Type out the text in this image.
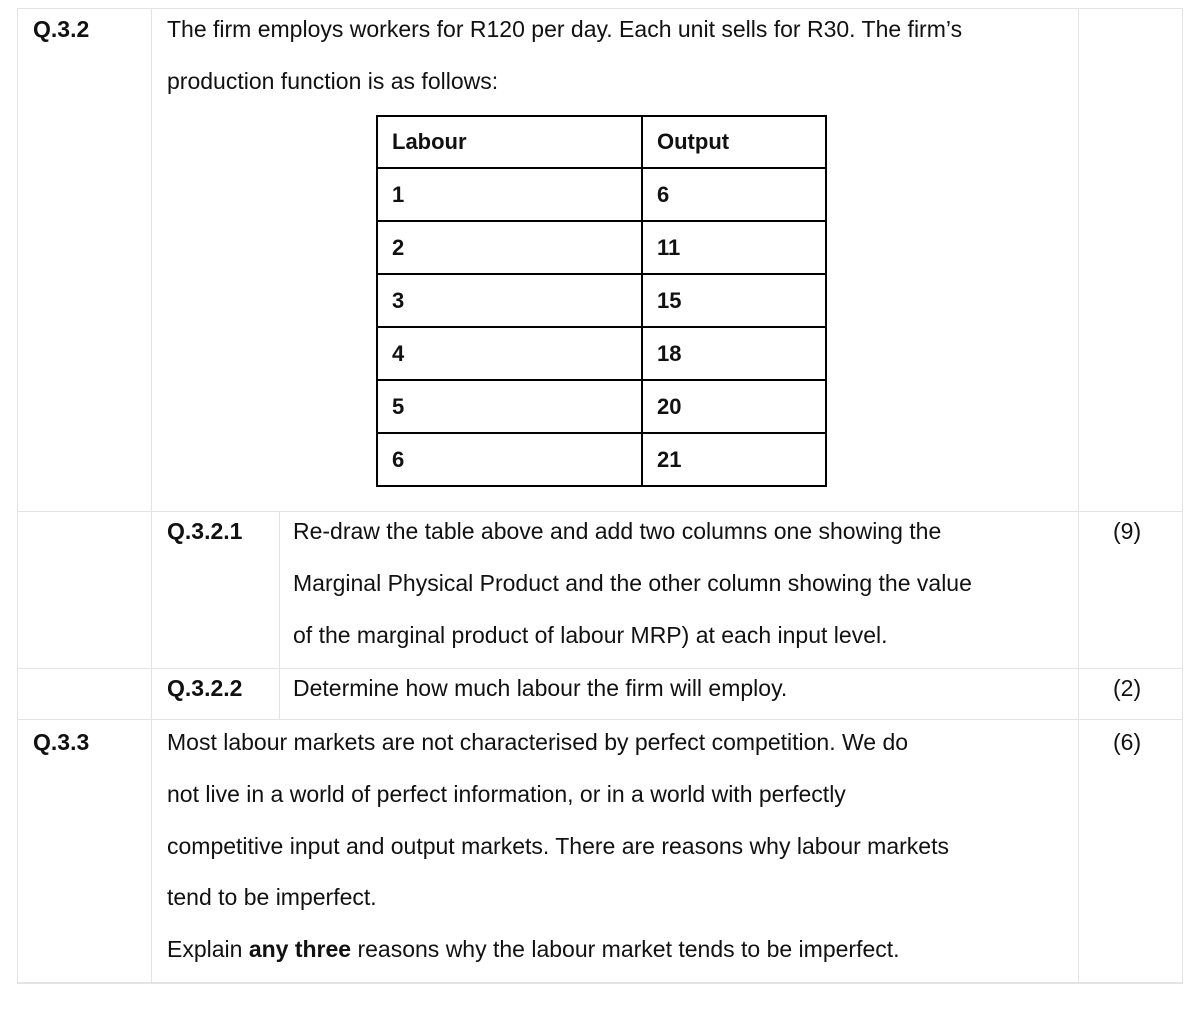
Q.3.2	The firm employs workers for R120 per day. Each unit sells for R30. The firm’s
production function is as follows:
Labour	Output
1	6
2	11
3	15
4	18
5	20
6	21
Q.3.2.1 Re-draw the table above and add two columns one showing the
Marginal Physical Product and the other column showing the value
of the marginal product of labour MRP) at each input level.
(9)
Q.3.2.2 Determine how much labour the firm will employ.	(2)
Q.3.3	Most labour markets are not characterised by perfect competition. We do
not live in a world of perfect information, or in a world with perfectly
competitive input and output markets. There are reasons why labour markets
tend to be imperfect.
Explain any three reasons why the labour market tends to be imperfect.
(6)
